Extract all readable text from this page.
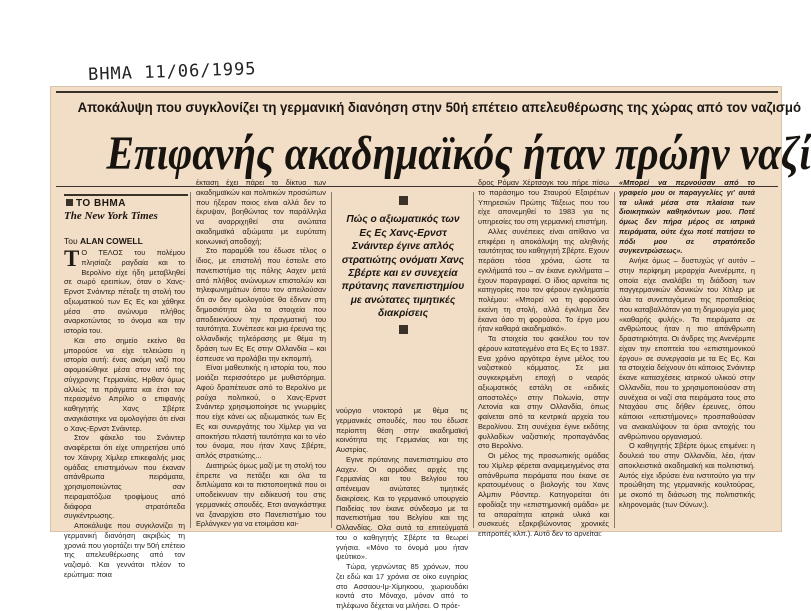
ΒΗΜΑ 11/06/1995
Αποκάλυψη που συγκλονίζει τη γερμανική διανόηση στην 50ή επέτειο απελευθέρωσης της χώρας από τον ναζισμό
Επιφανής ακαδημαϊκός ήταν πρώην ναζί
ΤΟ ΒΗΜΑ
The New York Times
Του ALAN COWELL

Τ Ο ΤΕΛΟΣ του πολέμου πλησίαζε ραγδαία και το Βερολίνο είχε ήδη μεταβληθεί σε σωρό ερειπίων, όταν ο Χανς-Ερνστ Σνάιντερ πέταξε τη στολή του αξιωματικού των Ες Ες και χάθηκε μέσα στο ανώνυμο πλήθος αναρκοτώντας το όνομα και την ιστορία του.

Και στο σημείο εκείνο θα μπορούσε να είχε τελειώσει η ιστορία αυτή: ένας ακόμη ναζί που αφομοιώθηκε μέσα στον ιστό της σύγχρονης Γερμανίας. Ηρθαν όμως αλλιώς τα πράγματα και έτσι τον περασμένο Απρίλιο ο επιφανής καθηγητής Χανς Σβέρτε αναγκάστηκε να ομολογήσει ότι είναι ο Χανς-Ερνστ Σνάιντερ.

Στον φάκελο του Σνάιντερ αναφέρεται ότι είχε υπηρετήσει υπό τον Χάινριχ Χίμλερ επικεφαλής μιας ομάδας επιστημόνων που έκαναν απάνθρωπα πειράματα, χρησιμοποιώντας σαν πειραματόζωα τροφίμους από διάφορα στρατόπεδα συγκέντρωσης.

Αποκάλυψε που συγκλονίζει τη γερμανική διανόηση ακριβώς τη χρονιά που γιορτάζει την 50ή επέτειο της απελευθέρωσης από τον ναζισμό. Και γεννάται πλέον το ερώτημα: ποια

έκταση έχει πάρει το δίκτυο των ακαδημαϊκών και πολιτικών προσώπων που ήξεραν ποιος είναι αλλά δεν το έκρυψαν, βοηθώντας τον παράλληλα να αναρριχηθεί στα ανώτατα ακαδημαϊκά αξιώματα με ευρύτατη κοινωνική αποδοχή;

Στο παραμύθι του έδωσε τέλος ο ίδιος, με επιστολή που έστειλε στο πανεπιστήμιο της πόλης Ααχεν μετά από πλήθος ανώνυμων επιστολών και τηλεφωνημάτων όπου τον απειλούσαν ότι αν δεν ομολογούσε θα έδιναν στη δημοσιότητα όλα τα στοιχεία που αποδεικνύουν την πραγματική του ταυτότητα. Συνέπεσε και μια έρευνα της ολλανδικής τηλεόρασης με θέμα τη δράση των Ες Ες στην Ολλανδία – και έσπευσε να προλάβει την εκπομπή.

Είναι μαθευτικής η ιστορία του, που μοιάζει περισσότερο με μυθιστόρημα. Αφού δραπέτευσε από το Βερολίνο με ρούχα πολιτικού, ο Χανς-Ερνστ Σνάιντερ χρησιμοποίησε τις γνωριμίες που είχε κάνει ως αξιωματικός των Ες Ες και συνεργάτης του Χίμλερ για να αποκτήσει πλαστή ταυτότητα και το νέο του όνομα, που ήταν Χανς Σβέρτε, απλός στρατιώτης...

Διατηρώς όμως μαζί με τη στολή του έπρεπε να πετάξει και όλα τα διπλώματα και τα πιστοποιητικά που οι υποδείκνυαν την ειδίκευσή του στις γερμανικές σπουδές. Ετσι αναγκάστηκε να ξαναρχίσει στο Πανεπιστήμιο του Ερλάνγκεν για να ετοιμάσει και-

Πώς ο αξιωματικός των Ες Ες Χανς-Ερνστ Σνάιντερ έγινε απλός στρατιώτης ονόματι Χανς Σβέρτε και εν συνεχεία πρύτανης πανεπιστημίου με ανώτατες τιμητικές διακρίσεις

νούργιο ντοκτορά με θέμα τις γερμανικές σπουδές, που του έδωσε περίοπτη θέση στην ακαδημαϊκή κοινότητα της Γερμανίας και της Αυστρίας.

Εγινε πρύτανης πανεπιστημίου στο Ααχεν. Οι αρμόδιες αρχές της Γερμανίας και του Βελγίου του απένειμαν ανώτατες τιμητικές διακρίσεις. Και το γερμανικό υπουργείο Παιδείας τον έκανε σύνδεσμο με τα πανεπιστήμια του Βελγίου και της Ολλανδίας. Ολα αυτά τα επιτεύγματά του ο καθηγητής Σβέρτε τα θεωρεί γνήσια. «Μόνο το όνομά μου ήταν ψεύτικο».

Τώρα, γερνώντας 85 χρόνων, που ζει εδώ και 17 χρόνια σε οίκο ευγηρίας στο Ασσαου-Ιμ-Χίμηκοου, χωριουδάκι κοντά στο Μόναχο, μόνον από το τηλέφωνο δέχεται να μιλήσει. Ο πρόε-

δρος Ρόμαν Χέρτσογκ του πήρε πίσω το παράσημο του Σταυρού Εξαιρέτων Υπηρεσιών Πρώτης Τάξεως που του είχε απονεμηθεί το 1983 για τις υπηρεσίες του στη γερμανική επιστήμη.

Αλλες συνέπειες είναι απίθανο να επιφέρει η αποκάλυψη της αληθινής ταυτότητας του καθηγητή Σβέρτε. Εχουν περάσει τόσα χρόνια, ώστε τα εγκλήματά του – αν έκανε εγκλήματα – έχουν παραγραφεί. Ο ίδιος αρνείται τις κατηγορίες που τον φέρουν εγκληματία πολέμου: «Μπορεί να τη φορούσα εκείνη τη στολή, αλλά έγκλημα δεν έκανα όσο τη φορούσα. Το έργο μου ήταν καθαρά ακαδημαϊκό».

Τα στοιχεία του φακέλου του τον φέρουν κατατεγμένο στα Ες Ες το 1937. Ενα χρόνο αργότερα έγινε μέλος του ναζιστικού κόμματος. Σε μια συγκεκριμένη εποχή ο νεαρός αξιωματικός εστάλη σε «ειδικές αποστολές» στην Πολωνία, στην Λετονία και στην Ολλανδία, όπως φαίνεται από τα κεντρικά αρχεία του Βερολίνου. Στη συνέχεια έγινε εκδότης φυλλαδίων ναζιστικής προπαγάνδας στο Βερολίνο.

Οι μέλος της προσωπικής ομάδας του Χίμλερ φέρεται αναμεμειγμένος στα απάνθρωπα πειράματα που έκανε σε κρατουμένους ο βιολογής του Χανς Αλμπιν Ρόσντερ. Κατηγορείται ότι εφοδίαζε την «επιστημονική ομάδα» με τα απαραίτητα ιατρικά υλικά και συσκευές εξακριβώνοντας χρονικές επιτροπές κλπ.). Αυτό δεν το αρνείται:

«Μπορεί να περνούσαν από το γραφείο μου οι παραγγελίες γι' αυτά τα υλικά μέσα στα πλαίσια των διοικητικών καθηκόντων μου. Ποτέ όμως δεν πήρα μέρος σε ιατρικά πειράματα, ούτε έχω ποτέ πατήσει το πόδι μου σε στρατόπεδο συγκεντρώσεως».

Ανήκε όμως – δυστυχώς γι' αυτόν – στην περίφημη μεραρχία Ανενέρμπε, η οποία είχε αναλάβει τη διάδοση των παγγερμανικών ιδανικών του Χίτλερ με όλα τα συνεπαγόμενα της προπαθείας που καταβαλλόταν για τη δημιουργία μιας «καθαρής φυλής». Τα πειράματα σε ανθρώπους ήταν η πιο απάνθρωπη δραστηριότητα. Οι άνδρες της Ανενέρμπε είχαν την εποπτεία του «επιστημονικού έργου» σε συνεργασία με τα Ες Ες. Και τα στοιχεία δείχνουν ότι κάποιος Σνάιντερ έκανε κατασχέσεις ιατρικού υλικού στην Ολλανδία, που το χρησιμοποιούσαν στη συνέχεια οι ναζί στα πειράματα τους στο Νταχάου στις δήθεν έρευνες, όπου κάποιοι «επιστήμονες» προσπαθούσαν να ανακαλύψουν τα όρια αντοχής του ανθρώπινου οργανισμού.

Ο καθηγητής Σβέρτε όμως επιμένει: η δουλειά του στην Ολλανδία, λέει, ήταν αποκλειστικά ακαδημαϊκή και πολιτιστική. Αυτός είχε ιδρύσει ένα ινστιτούτο για την προώθηση της γερμανικής κουλτούρας, με σκοπό τη διάσωση της πολιτιστικής κληρονομιάς (των Ούνων;).
